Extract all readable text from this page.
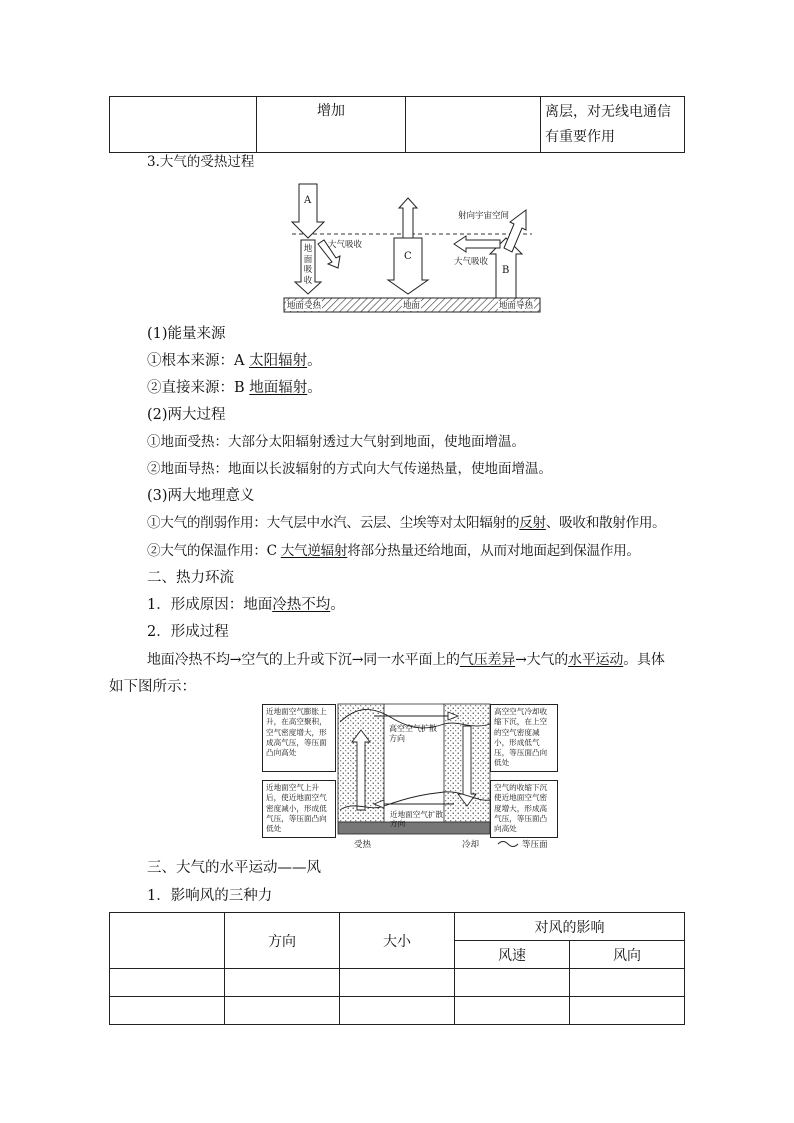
	增加		离层，对无线电通信
有重要作用
3.大气的受热过程
A
地面吸收
大气吸收
C
射向宇宙空间
大气吸收
B
地面受热	地面	地面导热
(1)能量来源
①根本来源：A 太阳辐射。
②直接来源：B 地面辐射。
(2)两大过程
①地面受热：大部分太阳辐射透过大气射到地面，使地面增温。
②地面导热：地面以长波辐射的方式向大气传递热量，使地面增温。
(3)两大地理意义
①大气的削弱作用：大气层中水汽、云层、尘埃等对太阳辐射的反射、吸收和散射作用。
②大气的保温作用：C 大气逆辐射将部分热量还给地面，从而对地面起到保温作用。
二、热力环流
1．形成原因：地面冷热不均。
2．形成过程
地面冷热不均→空气的上升或下沉→同一水平面上的气压差异→大气的水平运动。具体
如下图所示：
近地面空气膨胀上升，在高空聚积，空气密度增大，形成高气压，等压面凸向高处
近地面空气上升后，使近地面空气密度减小，形成低气压，等压面凸向低处
高空空气冷却收缩下沉，在上空的空气密度减小，形成低气压，等压面凸向低处
空气的收缩下沉使近地面空气密度增大，形成高气压，等压面凸向高处
高空空气扩散方向
近地面空气扩散方向
受热	冷却	等压面
三、大气的水平运动——风
1．影响风的三种力
	方向	大小	对风的影响	
			风速	风向
